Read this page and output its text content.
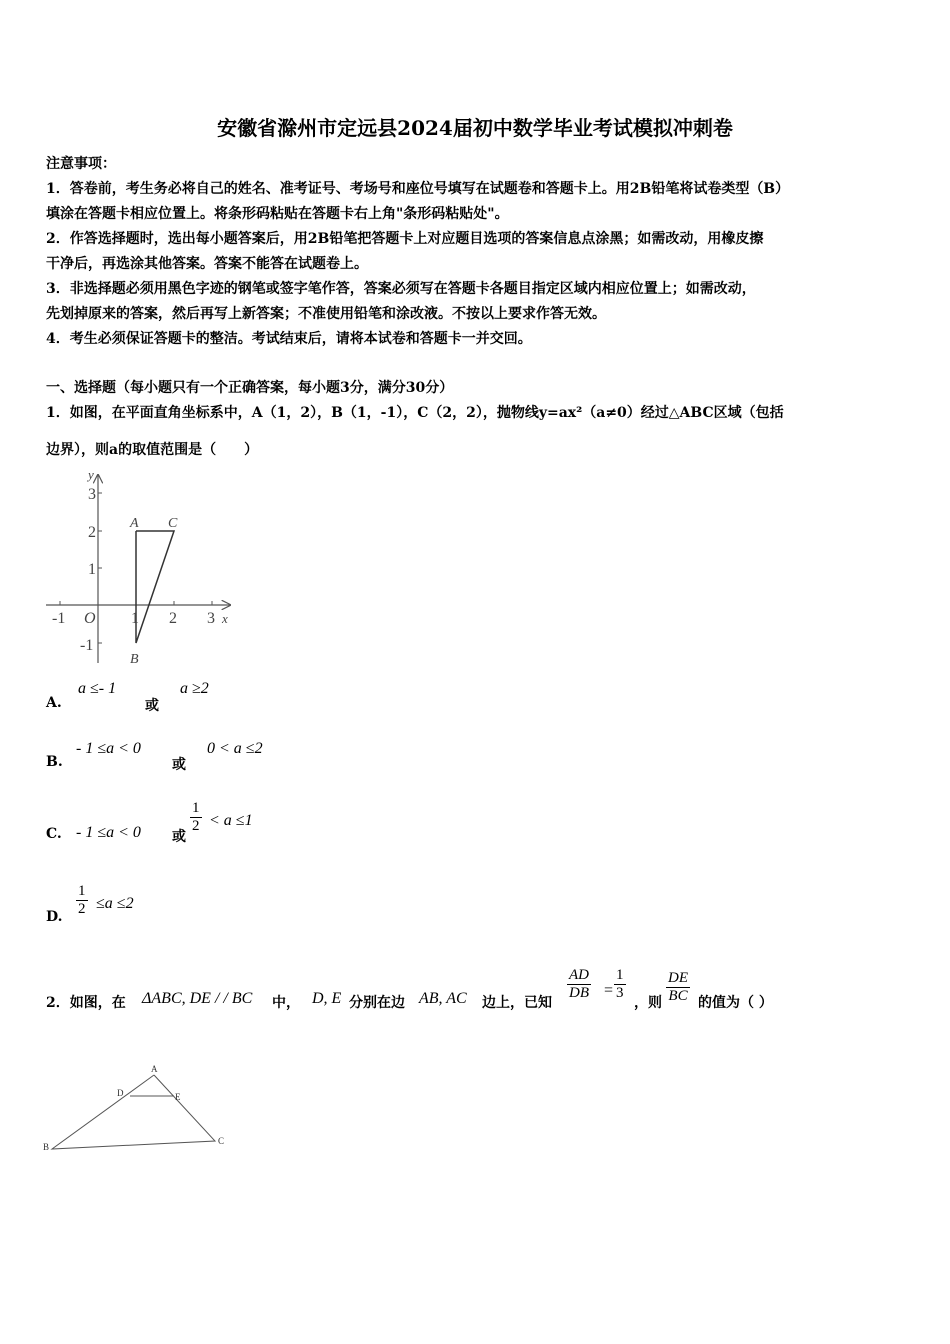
安徽省滁州市定远县2024届初中数学毕业考试模拟冲刺卷
注意事项：
1．答卷前，考生务必将自己的姓名、准考证号、考场号和座位号填写在试题卷和答题卡上。用2B铅笔将试卷类型（B）
填涂在答题卡相应位置上。将条形码粘贴在答题卡右上角"条形码粘贴处"。
2．作答选择题时，选出每小题答案后，用2B铅笔把答题卡上对应题目选项的答案信息点涂黑；如需改动，用橡皮擦
干净后，再选涂其他答案。答案不能答在试题卷上。
3．非选择题必须用黑色字迹的钢笔或签字笔作答，答案必须写在答题卡各题目指定区域内相应位置上；如需改动，
先划掉原来的答案，然后再写上新答案；不准使用铅笔和涂改液。不按以上要求作答无效。
4．考生必须保证答题卡的整洁。考试结束后，请将本试卷和答题卡一并交回。
一、选择题（每小题只有一个正确答案，每小题3分，满分30分）
1．如图，在平面直角坐标系中，A（1，2），B（1，-1），C（2，2），抛物线y=ax²（a≠0）经过△ABC区域（包括
边界），则a的取值范围是（　　）
3
2
1
-1
-1	1 2 3 x
y
O
A C
B
A.
a ≤- 1
或
a ≥2
B.
- 1 ≤a < 0
或
0 < a ≤2
C. - 1 ≤a < 0 或
$\frac{1}{2} < a \le 1$
D. $\frac{1}{2} \le a \le 2$
2．如图，在 ΔABC, DE / / BC 中， D, E 分别在边 AB, AC 边上，已知
$\frac{AD}{DB} = \frac{1}{3}$
，则 $\frac{DE}{BC}$ 的值为（ ）
A
B
C
D	E
